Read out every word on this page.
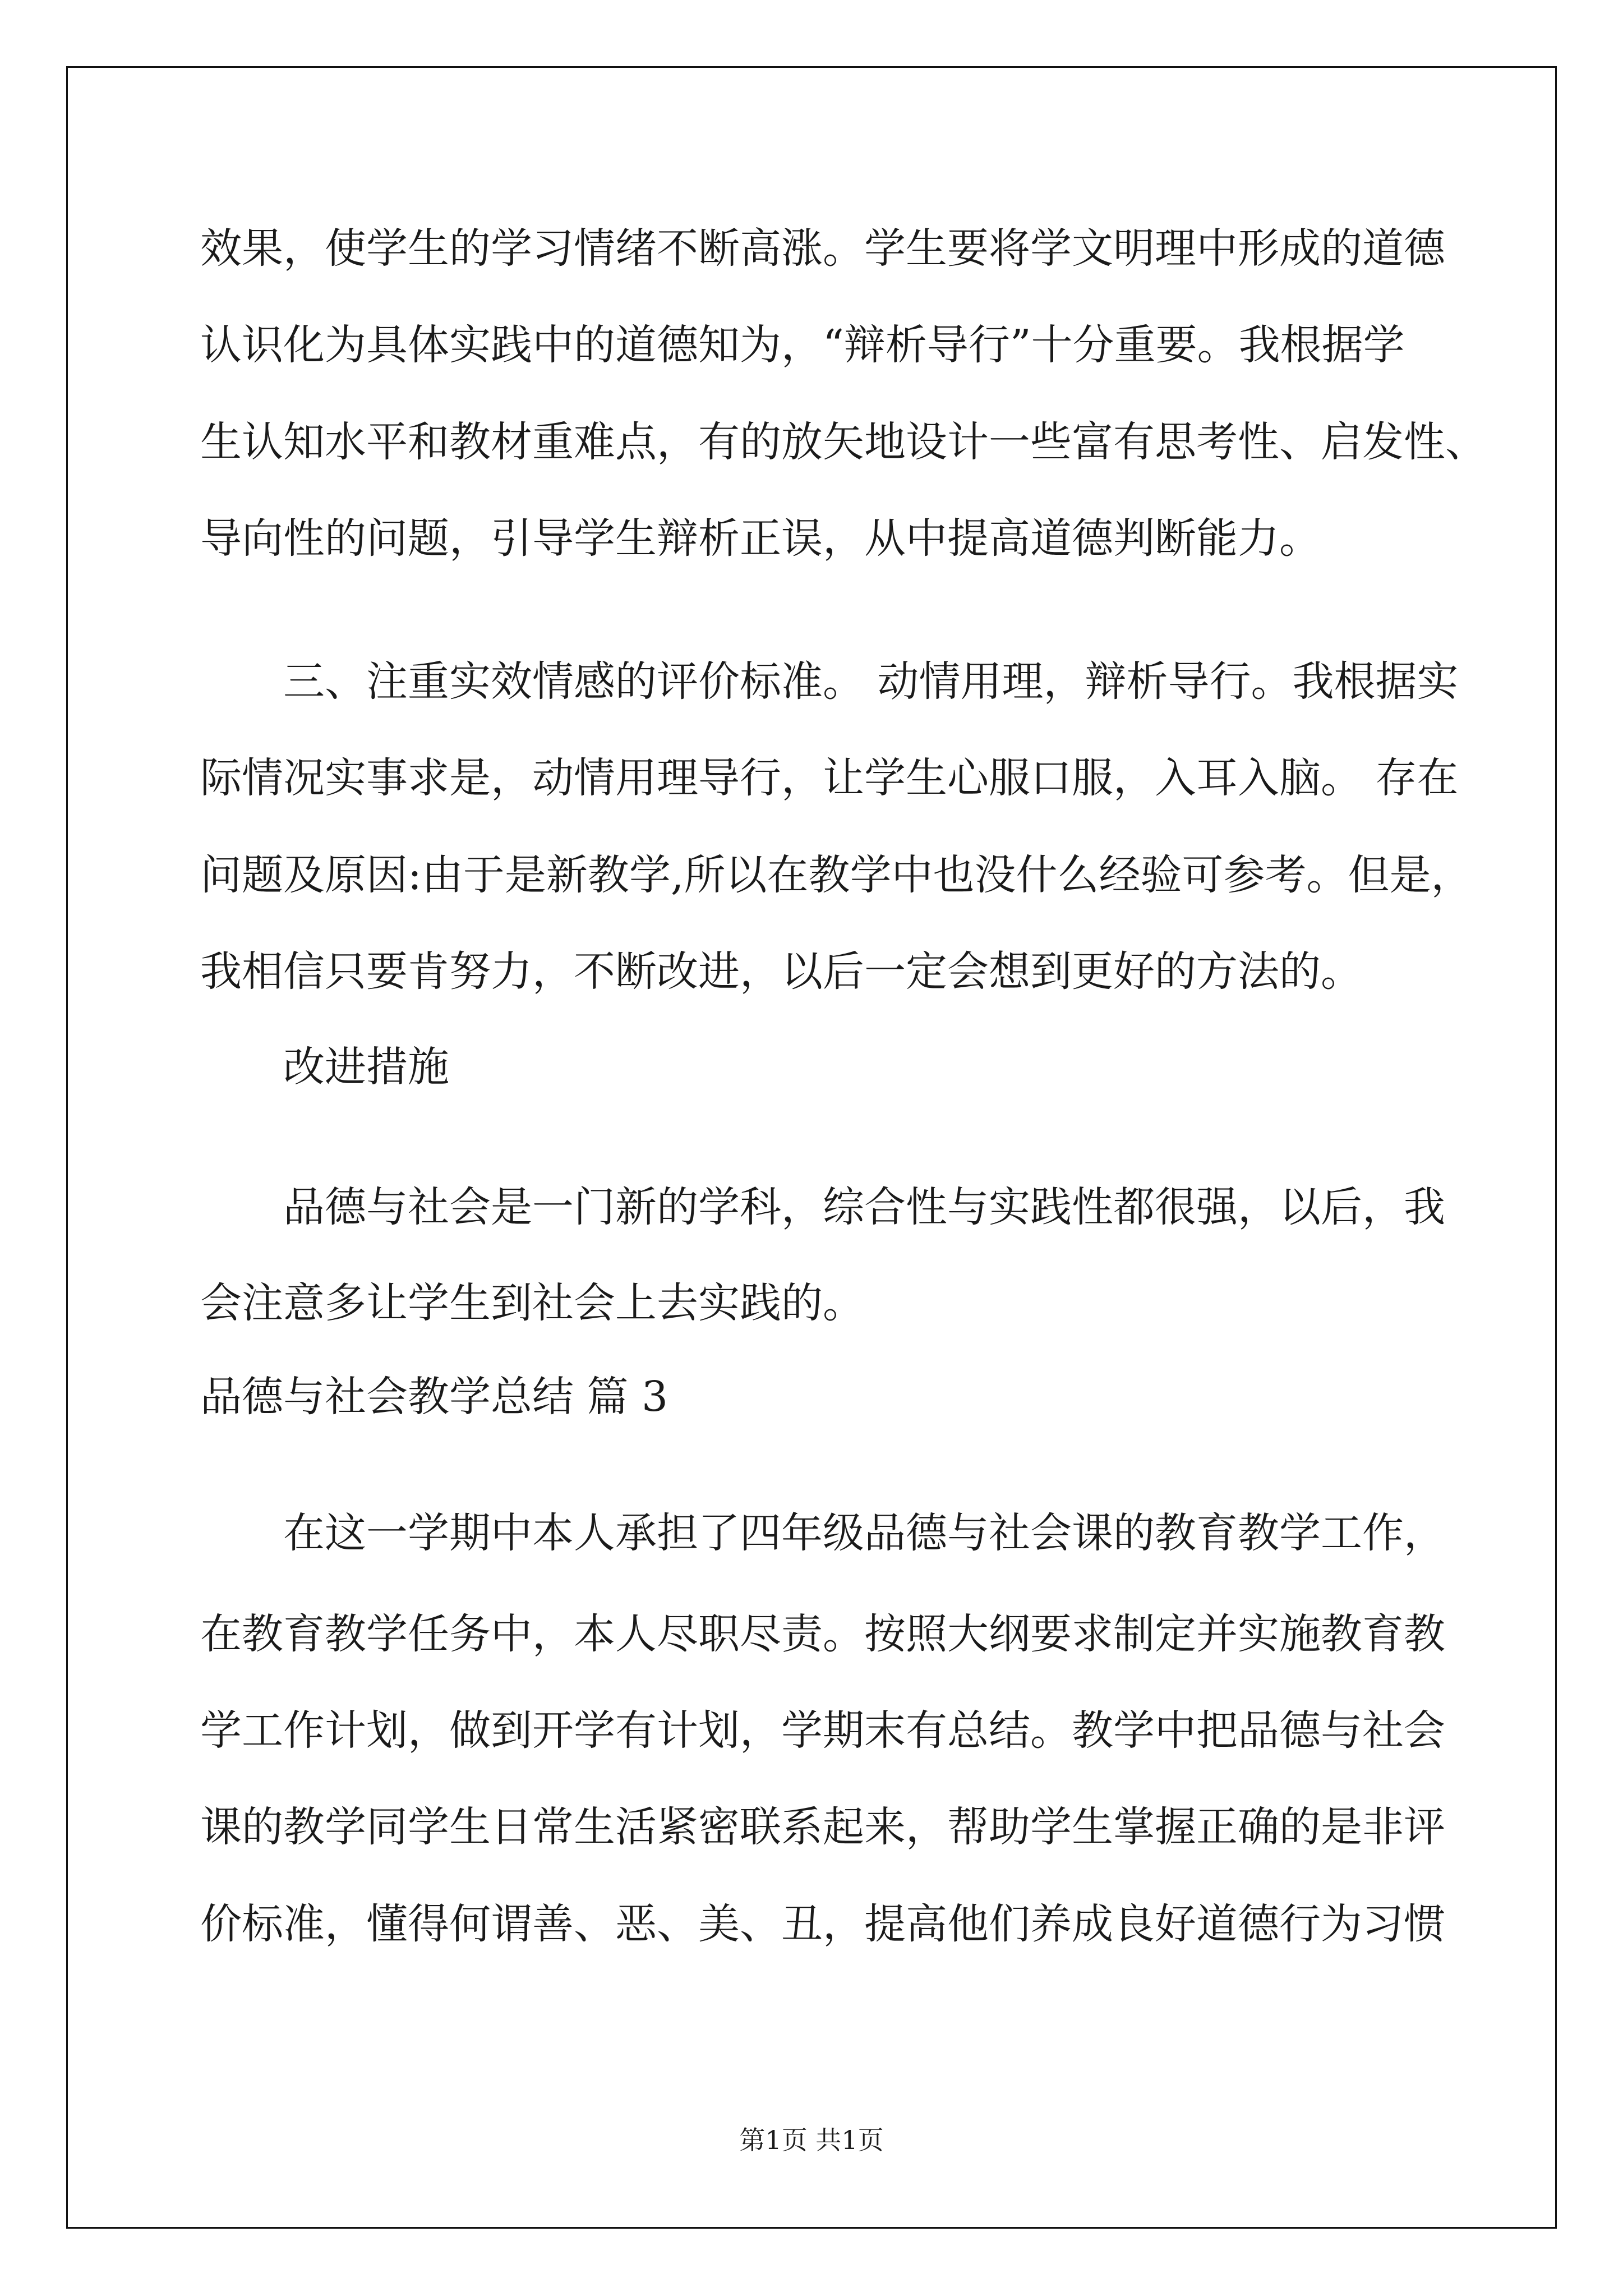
效果，使学生的学习情绪不断高涨。学生要将学文明理中形成的道德
认识化为具体实践中的道德知为，“辩析导行”十分重要。我根据学
生认知水平和教材重难点，有的放矢地设计一些富有思考性、启发性、
导向性的问题，引导学生辩析正误，从中提高道德判断能力。
三、注重实效情感的评价标准。 动情用理，辩析导行。我根据实
际情况实事求是，动情用理导行，让学生心服口服，入耳入脑。 存在
问题及原因:由于是新教学,所以在教学中也没什么经验可参考。但是，
我相信只要肯努力，不断改进，以后一定会想到更好的方法的。
改进措施
品德与社会是一门新的学科，综合性与实践性都很强，以后，我
会注意多让学生到社会上去实践的。
品德与社会教学总结 篇 3
在这一学期中本人承担了四年级品德与社会课的教育教学工作，
在教育教学任务中，本人尽职尽责。按照大纲要求制定并实施教育教
学工作计划，做到开学有计划，学期末有总结。教学中把品德与社会
课的教学同学生日常生活紧密联系起来，帮助学生掌握正确的是非评
价标准，懂得何谓善、恶、美、丑，提高他们养成良好道德行为习惯
第1页 共1页
